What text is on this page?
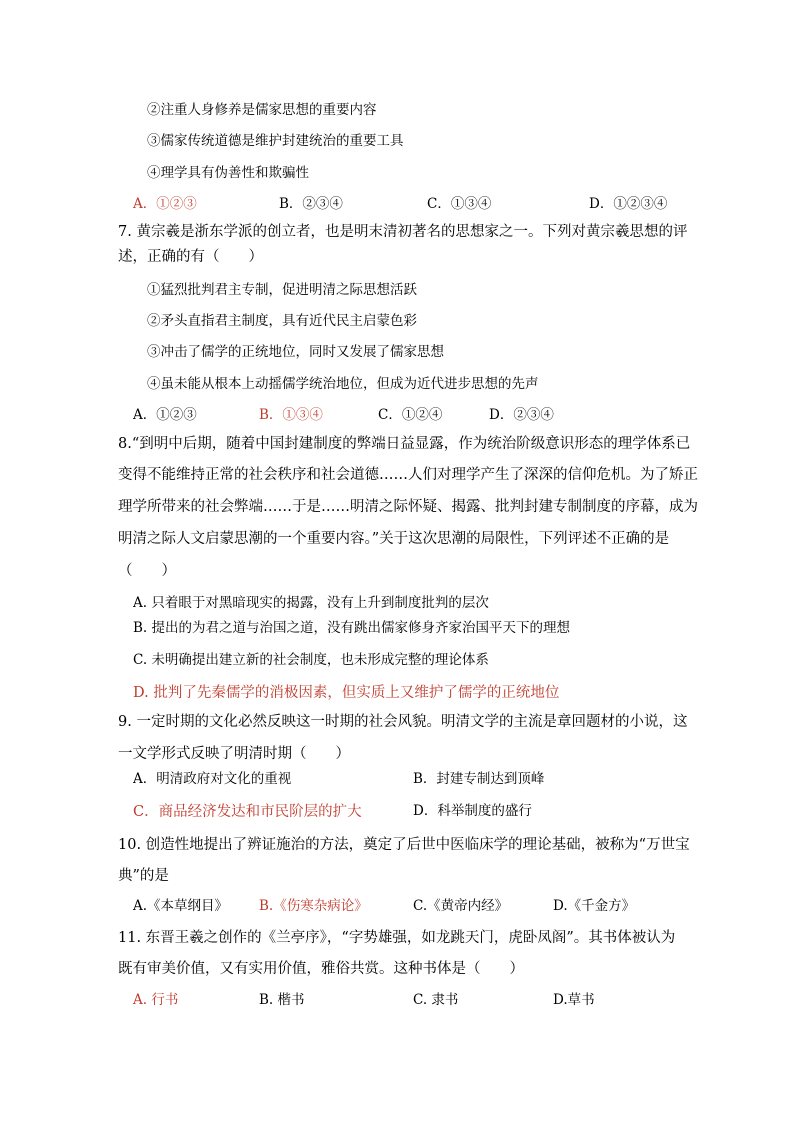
②注重人身修养是儒家思想的重要内容
③儒家传统道德是维护封建统治的重要工具
④理学具有伪善性和欺骗性
A．①②③	B．②③④	C．①③④	D．①②③④
7. 黄宗羲是浙东学派的创立者，也是明末清初著名的思想家之一。下列对黄宗羲思想的评
述，正确的有（　　）
①猛烈批判君主专制，促进明清之际思想活跃
②矛头直指君主制度，具有近代民主启蒙色彩
③冲击了儒学的正统地位，同时又发展了儒家思想
④虽未能从根本上动摇儒学统治地位，但成为近代进步思想的先声
A．①②③	B．①③④	C．①②④	D．②③④
8.“到明中后期，随着中国封建制度的弊端日益显露，作为统治阶级意识形态的理学体系已
变得不能维持正常的社会秩序和社会道德……人们对理学产生了深深的信仰危机。为了矫正
理学所带来的社会弊端……于是……明清之际怀疑、揭露、批判封建专制制度的序幕，成为
明清之际人文启蒙思潮的一个重要内容。”关于这次思潮的局限性，下列评述不正确的是
（　　）
A. 只着眼于对黑暗现实的揭露，没有上升到制度批判的层次
B. 提出的为君之道与治国之道，没有跳出儒家修身齐家治国平天下的理想
C. 未明确提出建立新的社会制度，也未形成完整的理论体系
D. 批判了先秦儒学的消极因素，但实质上又维护了儒学的正统地位
9. 一定时期的文化必然反映这一时期的社会风貌。明清文学的主流是章回题材的小说，这
一文学形式反映了明清时期（　　）
A．明清政府对文化的重视	B．封建专制达到顶峰
C．商品经济发达和市民阶层的扩大	D．科举制度的盛行
10. 创造性地提出了辨证施治的方法，奠定了后世中医临床学的理论基础，被称为“万世宝
典”的是
A.《本草纲目》 B.《伤寒杂病论》	C.《黄帝内经》	D.《千金方》
11. 东晋王羲之创作的《兰亭序》，“字势雄强，如龙跳天门，虎卧凤阁”。其书体被认为
既有审美价值，又有实用价值，雅俗共赏。这种书体是（　　）
A. 行书	B. 楷书	C. 隶书	D.草书
